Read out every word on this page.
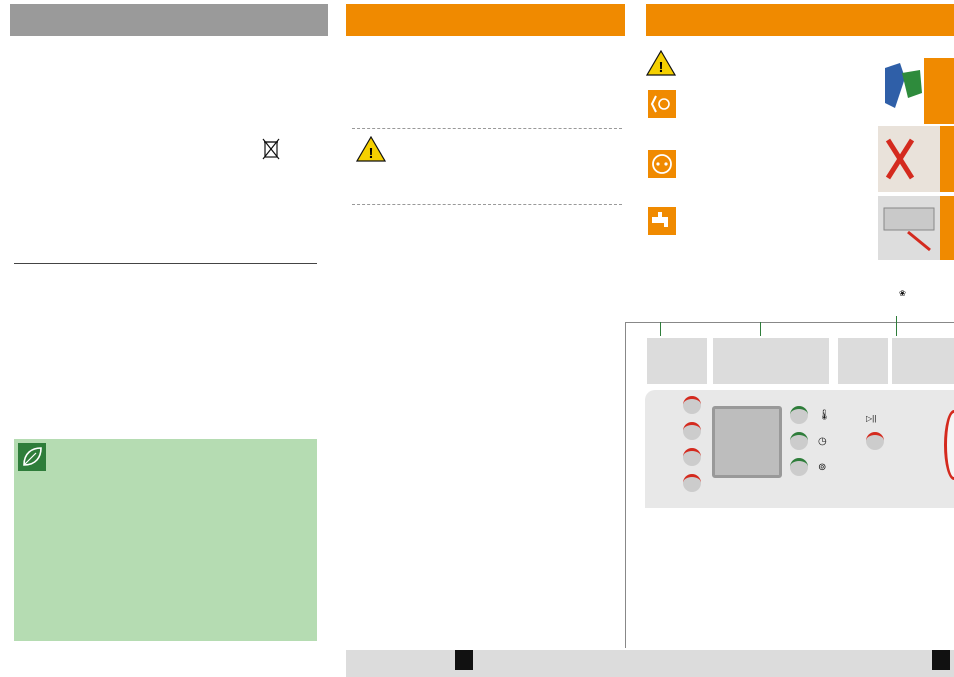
!
!
❀
🌡
◷
⊚
▷||
